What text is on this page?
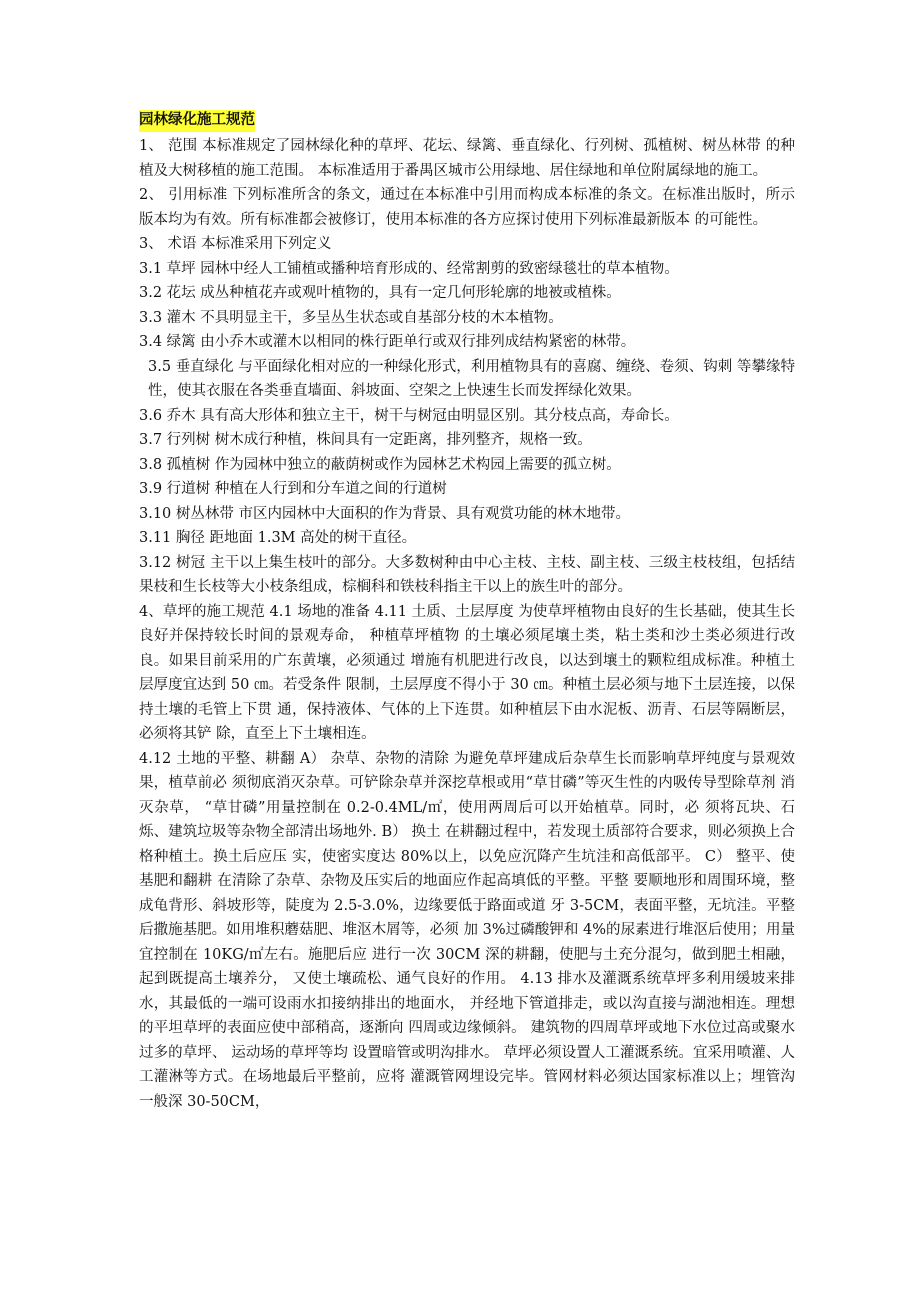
园林绿化施工规范

1、 范围 本标准规定了园林绿化种的草坪、花坛、绿篱、垂直绿化、行列树、孤植树、树丛林带 的种植及大树移植的施工范围。 本标准适用于番禺区城市公用绿地、居住绿地和单位附属绿地的施工。

2、 引用标准 下列标准所含的条文，通过在本标准中引用而构成本标准的条文。在标准出版时，所示 版本均为有效。所有标准都会被修订，使用本标准的各方应探讨使用下列标准最新版本 的可能性。

3、 术语 本标准采用下列定义

3.1 草坪 园林中经人工铺植或播种培育形成的、经常割剪的致密绿毯壮的草本植物。

3.2 花坛 成丛种植花卉或观叶植物的，具有一定几何形轮廓的地被或植株。

3.3 灌木 不具明显主干，多呈丛生状态或自基部分枝的木本植物。

3.4 绿篱 由小乔木或灌木以相同的株行距单行或双行排列成结构紧密的林带。

3.5 垂直绿化 与平面绿化相对应的一种绿化形式，利用植物具有的喜腐、缠绕、卷须、钩刺 等攀缘特性，使其衣服在各类垂直墙面、斜坡面、空架之上快速生长而发挥绿化效果。

3.6 乔木 具有高大形体和独立主干，树干与树冠由明显区别。其分枝点高，寿命长。

3.7 行列树 树木成行种植，株间具有一定距离，排列整齐，规格一致。

3.8 孤植树 作为园林中独立的蔽荫树或作为园林艺术构园上需要的孤立树。

3.9 行道树 种植在人行到和分车道之间的行道树

3.10 树丛林带 市区内园林中大面积的作为背景、具有观赏功能的林木地带。

3.11 胸径 距地面 1.3M 高处的树干直径。

3.12 树冠 主干以上集生枝叶的部分。大多数树种由中心主枝、主枝、副主枝、三级主枝枝组，包括结果枝和生长枝等大小枝条组成，棕榈科和铁枝科指主干以上的族生叶的部分。

4、草坪的施工规范 4.1 场地的准备 4.11 土质、土层厚度 为使草坪植物由良好的生长基础，使其生长良好并保持较长时间的景观寿命， 种植草坪植物 的土壤必须尾壤土类，粘土类和沙土类必须进行改良。如果目前采用的广东黄壤，必须通过 增施有机肥进行改良，以达到壤土的颗粒组成标准。种植土层厚度宜达到 50 ㎝。若受条件 限制，土层厚度不得小于 30 ㎝。种植土层必须与地下土层连接，以保持土壤的毛管上下贯 通，保持液体、气体的上下连贯。如种植层下由水泥板、沥青、石层等隔断层，必须将其铲 除，直至上下土壤相连。

4.12 土地的平整、耕翻 A） 杂草、杂物的清除 为避免草坪建成后杂草生长而影响草坪纯度与景观效果，植草前必 须彻底消灭杂草。可铲除杂草并深挖草根或用“草甘磷”等灭生性的内吸传导型除草剂 消灭杂草， “草甘磷”用量控制在 0.2-0.4ML/㎡，使用两周后可以开始植草。同时，必 须将瓦块、石烁、建筑垃圾等杂物全部清出场地外. B） 换土 在耕翻过程中，若发现土质部符合要求，则必须换上合格种植土。换土后应压 实，使密实度达 80%以上，以免应沉降产生坑洼和高低部平。 C） 整平、使基肥和翻耕 在清除了杂草、杂物及压实后的地面应作起高填低的平整。平整 要顺地形和周围环境，整成龟背形、斜坡形等，陡度为 2.5-3.0%，边缘要低于路面或道 牙 3-5CM，表面平整，无坑洼。平整后撒施基肥。如用堆积蘑菇肥、堆沤木屑等，必须 加 3%过磷酸钾和 4%的尿素进行堆沤后使用；用量宜控制在 10KG/㎡左右。施肥后应 进行一次 30CM 深的耕翻，使肥与土充分混匀，做到肥土相融，起到既提高土壤养分， 又使土壤疏松、通气良好的作用。 4.13 排水及灌溉系统草坪多利用缓坡来排水，其最低的一端可设雨水扣接纳排出的地面水， 并经地下管道排走，或以沟直接与湖池相连。理想的平坦草坪的表面应使中部稍高，逐渐向 四周或边缘倾斜。 建筑物的四周草坪或地下水位过高或聚水过多的草坪、 运动场的草坪等均 设置暗管或明沟排水。 草坪必须设置人工灌溉系统。宜采用喷灌、人工灌淋等方式。在场地最后平整前，应将 灌溉管网埋设完毕。管网材料必须达国家标准以上；埋管沟一般深 30-50CM，
